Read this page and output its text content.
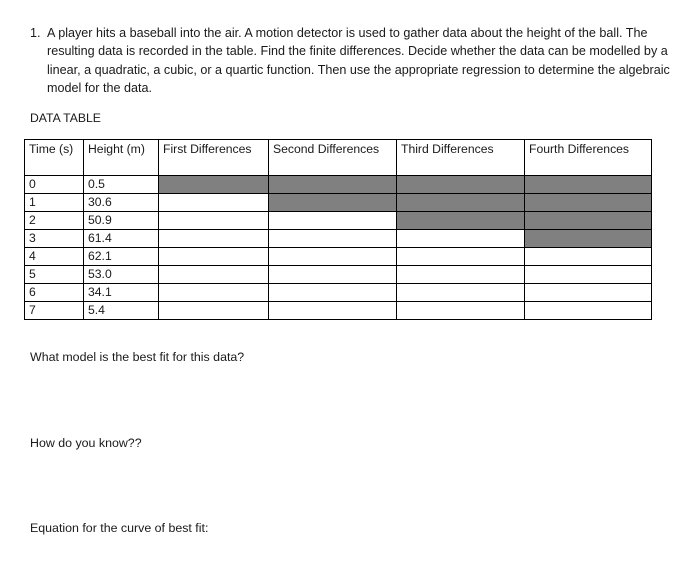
1. A player hits a baseball into the air. A motion detector is used to gather data about the height of the ball. The resulting data is recorded in the table. Find the finite differences. Decide whether the data can be modelled by a linear, a quadratic, a cubic, or a quartic function. Then use the appropriate regression to determine the algebraic model for the data.

DATA TABLE

Time (s)	Height (m)	First Differences	Second Differences	Third Differences	Fourth Differences
0	0.5				
1	30.6				
2	50.9				
3	61.4				
4	62.1				
5	53.0				
6	34.1				
7	5.4				

What model is the best fit for this data?

How do you know??

Equation for the curve of best fit:
